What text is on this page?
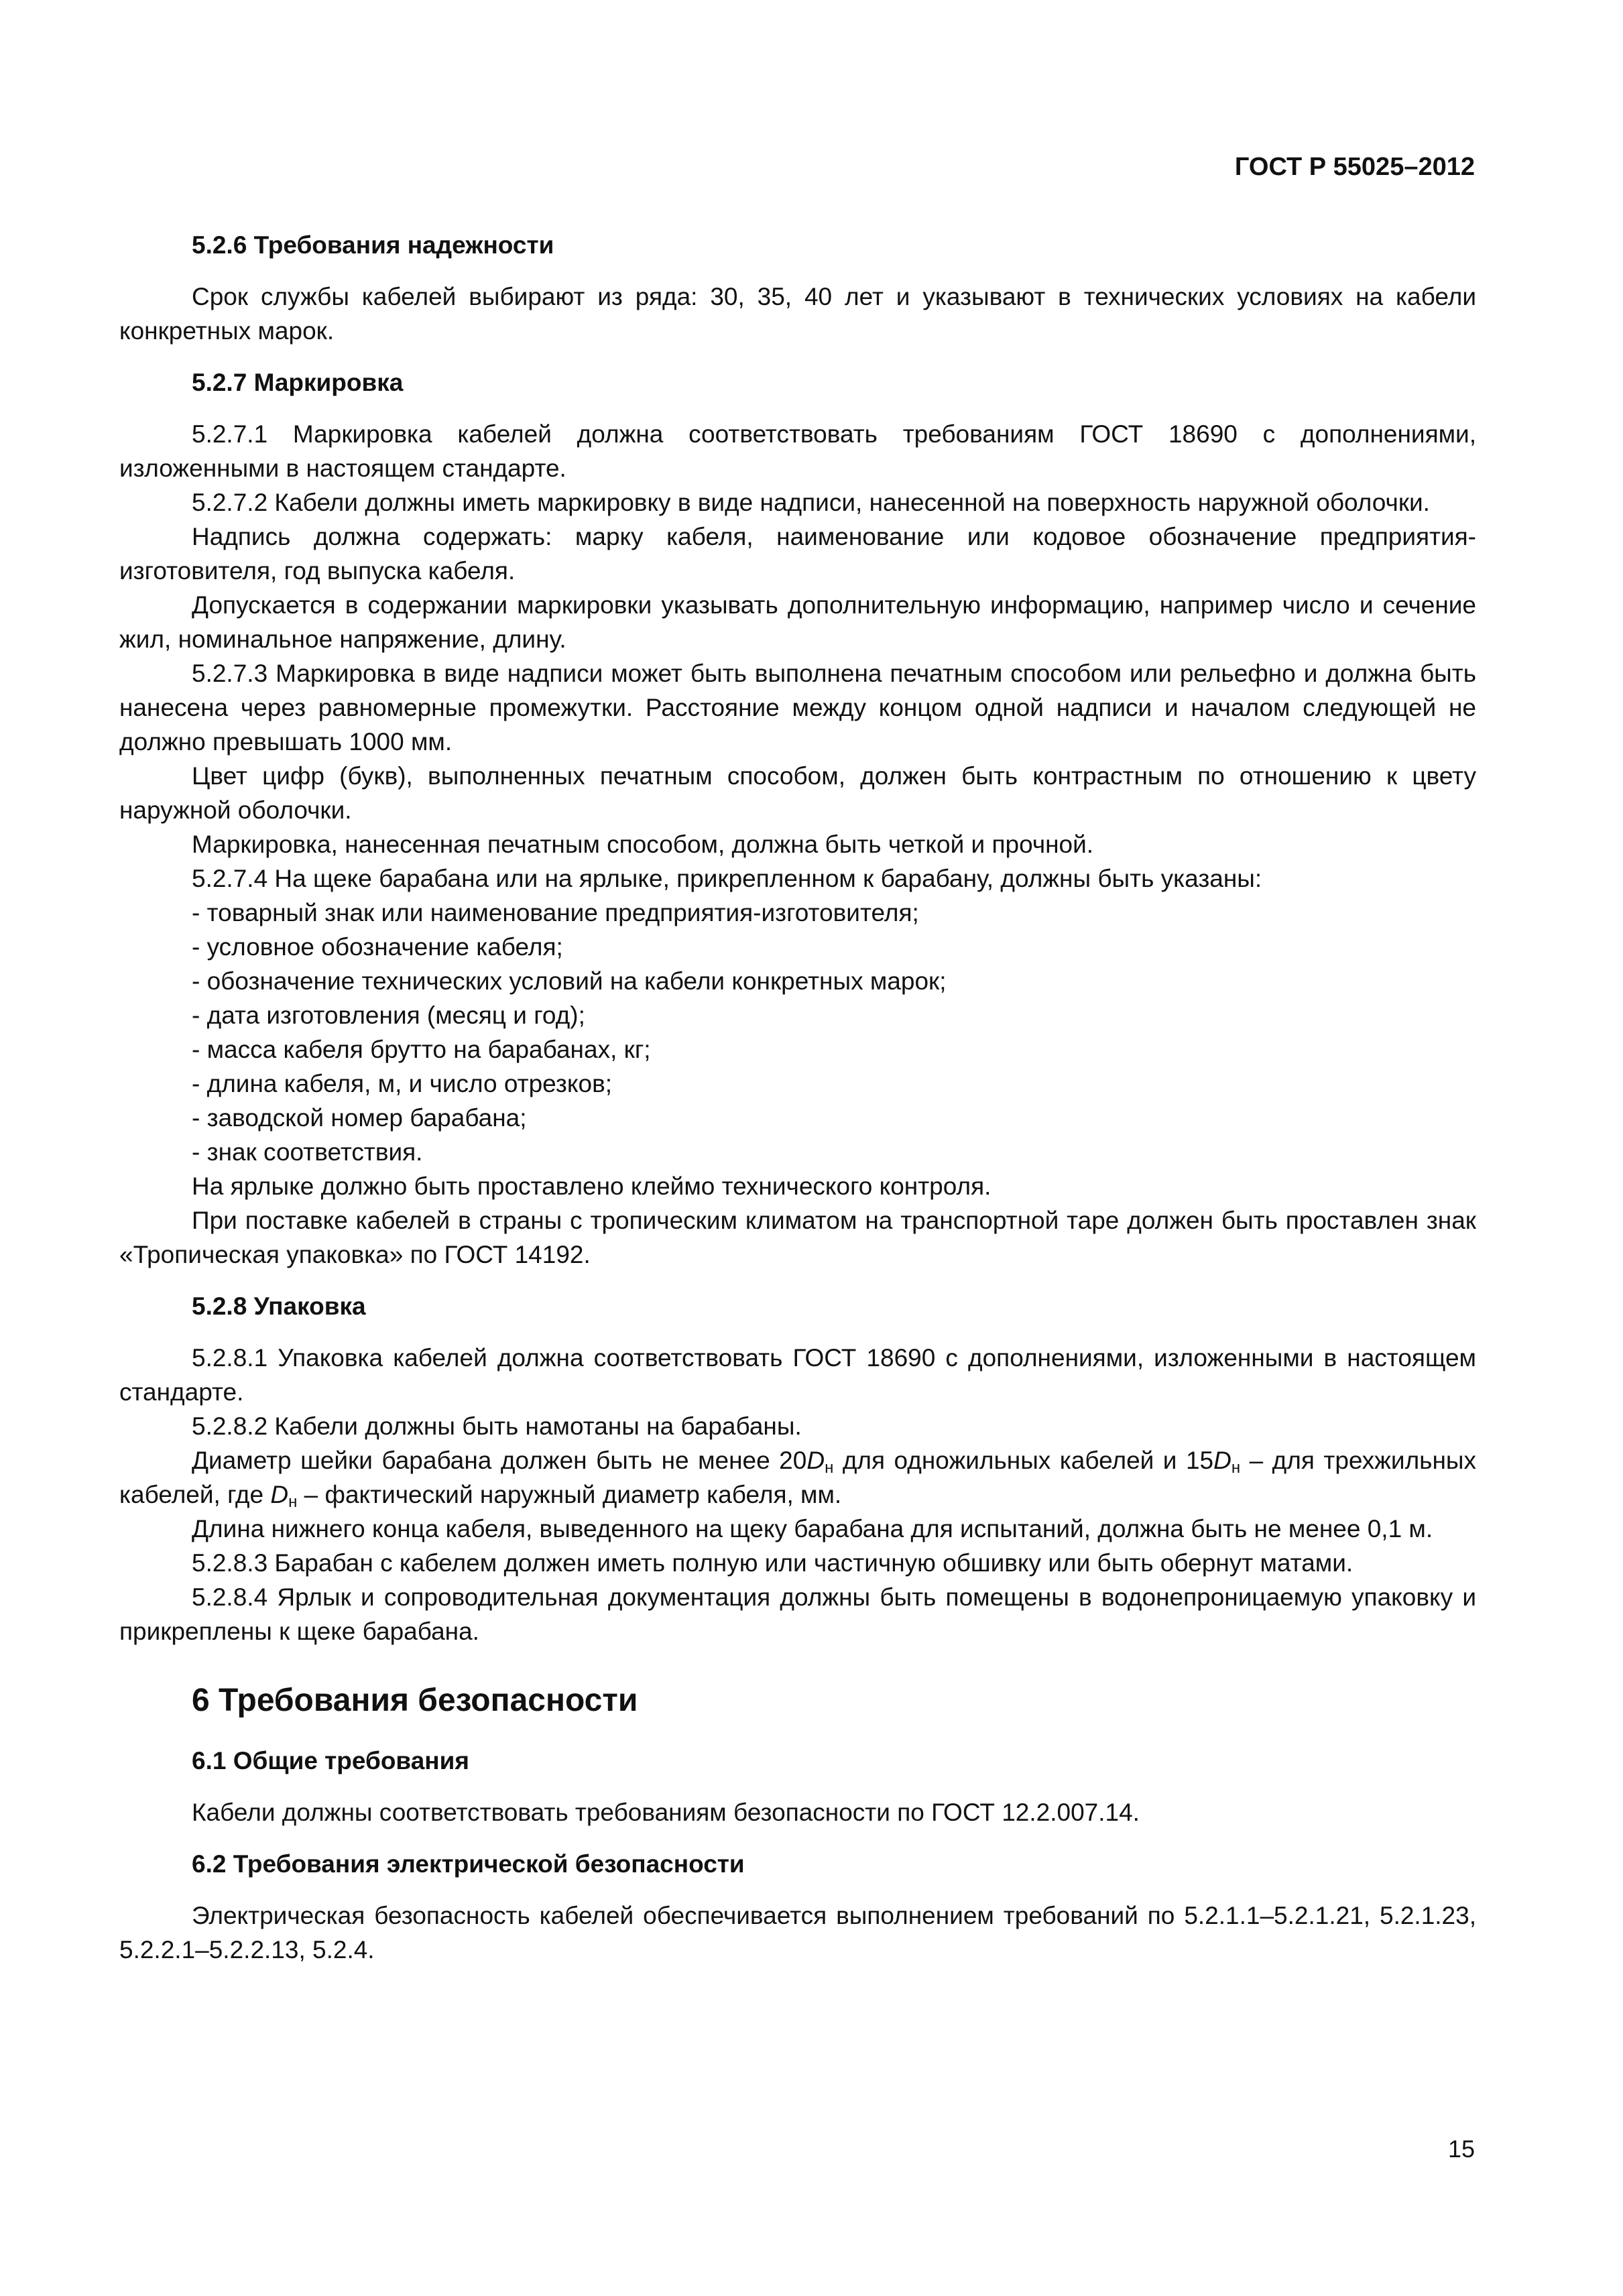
ГОСТ Р 55025–2012

5.2.6 Требования надежности

Срок службы кабелей выбирают из ряда: 30, 35, 40 лет и указывают в технических условиях на кабели конкретных марок.

5.2.7 Маркировка

5.2.7.1 Маркировка кабелей должна соответствовать требованиям ГОСТ 18690 с дополнениями, изложенными в настоящем стандарте.

5.2.7.2 Кабели должны иметь маркировку в виде надписи, нанесенной на поверхность наружной оболочки.

Надпись должна содержать: марку кабеля, наименование или кодовое обозначение предприятия-изготовителя, год выпуска кабеля.

Допускается в содержании маркировки указывать дополнительную информацию, например число и сечение жил, номинальное напряжение, длину.

5.2.7.3 Маркировка в виде надписи может быть выполнена печатным способом или рельефно и должна быть нанесена через равномерные промежутки. Расстояние между концом одной надписи и началом следующей не должно превышать 1000 мм.

Цвет цифр (букв), выполненных печатным способом, должен быть контрастным по отношению к цвету наружной оболочки.

Маркировка, нанесенная печатным способом, должна быть четкой и прочной.

5.2.7.4 На щеке барабана или на ярлыке, прикрепленном к барабану, должны быть указаны:

- товарный знак или наименование предприятия-изготовителя;

- условное обозначение кабеля;

- обозначение технических условий на кабели конкретных марок;

- дата изготовления (месяц и год);

- масса кабеля брутто на барабанах, кг;

- длина кабеля, м, и число отрезков;

- заводской номер барабана;

- знак соответствия.

На ярлыке должно быть проставлено клеймо технического контроля.

При поставке кабелей в страны с тропическим климатом на транспортной таре должен быть проставлен знак «Тропическая упаковка» по ГОСТ 14192.

5.2.8 Упаковка

5.2.8.1 Упаковка кабелей должна соответствовать ГОСТ 18690 с дополнениями, изложенными в настоящем стандарте.

5.2.8.2 Кабели должны быть намотаны на барабаны.

Диаметр шейки барабана должен быть не менее $20D_н$ для одножильных кабелей и $15D_н$ – для трехжильных кабелей, где $D_н$ – фактический наружный диаметр кабеля, мм.

Длина нижнего конца кабеля, выведенного на щеку барабана для испытаний, должна быть не менее 0,1 м.

5.2.8.3 Барабан с кабелем должен иметь полную или частичную обшивку или быть обернут матами.

5.2.8.4 Ярлык и сопроводительная документация должны быть помещены в водонепроницаемую упаковку и прикреплены к щеке барабана.

6 Требования безопасности

6.1 Общие требования

Кабели должны соответствовать требованиям безопасности по ГОСТ 12.2.007.14.

6.2 Требования электрической безопасности

Электрическая безопасность кабелей обеспечивается выполнением требований по 5.2.1.1–5.2.1.21, 5.2.1.23, 5.2.2.1–5.2.2.13, 5.2.4.

15
